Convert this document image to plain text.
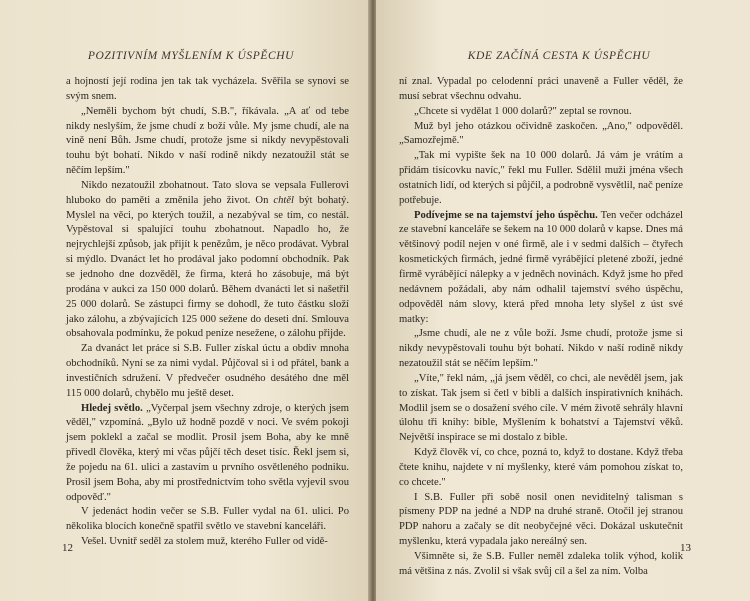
POZITIVNÍM MYŠLENÍM K ÚSPĚCHU

a hojností její rodina jen tak tak vycházela. Svěřila se synovi se svým snem.

„Neměli bychom být chudí, S.B.", říkávala. „A ať od tebe nikdy neslyším, že jsme chudí z boží vůle. My jsme chudí, ale na vině není Bůh. Jsme chudí, protože jsme si nikdy nevypěstovali touhu být bohatí. Nikdo v naší rodině nikdy nezatoužil stát se něčím lepším."

Nikdo nezatoužil zbohatnout. Tato slova se vepsala Fullerovi hluboko do paměti a změnila jeho život. On chtěl být bohatý. Myslel na věci, po kterých toužil, a nezabýval se tím, co nestál. Vypěstoval si spalující touhu zbohatnout. Napadlo ho, že nejrychlejší způsob, jak přijít k penězům, je něco prodávat. Vybral si mýdlo. Dvanáct let ho prodával jako podomní obchodník. Pak se jednoho dne dozvěděl, že firma, která ho zásobuje, má být prodána v aukci za 150 000 dolarů. Během dvanácti let si našetřil 25 000 dolarů. Se zástupci firmy se dohodl, že tuto částku složí jako zálohu, a zbývajících 125 000 sežene do deseti dní. Smlouva obsahovala podmínku, že pokud peníze nesežene, o zálohu přijde.

Za dvanáct let práce si S.B. Fuller získal úctu a obdiv mnoha obchodníků. Nyní se za nimi vydal. Půjčoval si i od přátel, bank a investičních sdružení. V předvečer osudného desátého dne měl 115 000 dolarů, chybělo mu ještě deset.

Hledej světlo. „Vyčerpal jsem všechny zdroje, o kterých jsem věděl," vzpomíná. „Bylo už hodně pozdě v noci. Ve svém pokoji jsem poklekl a začal se modlit. Prosil jsem Boha, aby ke mně přivedl člověka, který mi včas půjčí těch deset tisíc. Řekl jsem si, že pojedu na 61. ulici a zastavím u prvního osvětleného podniku. Prosil jsem Boha, aby mi prostřednictvím toho světla vyjevil svou odpověď."

V jedenáct hodin večer se S.B. Fuller vydal na 61. ulici. Po několika blocích konečně spatřil světlo ve stavební kanceláři.

Vešel. Uvnitř seděl za stolem muž, kterého Fuller od vidě-

12
KDE ZAČÍNÁ CESTA K ÚSPĚCHU

ní znal. Vypadal po celodenní práci unaveně a Fuller věděl, že musí sebrat všechnu odvahu.

„Chcete si vydělat 1 000 dolarů?" zeptal se rovnou.

Muž byl jeho otázkou očividně zaskočen. „Ano," odpověděl. „Samozřejmě."

„Tak mi vypište šek na 10 000 dolarů. Já vám je vrátím a přidám tisícovku navíc," řekl mu Fuller. Sdělil muži jména všech ostatních lidí, od kterých si půjčil, a podrobně vysvětlil, nač peníze potřebuje.

Podívejme se na tajemství jeho úspěchu. Ten večer odcházel ze stavební kanceláře se šekem na 10 000 dolarů v kapse. Dnes má většinový podíl nejen v oné firmě, ale i v sedmi dalších – čtyřech kosmetických firmách, jedné firmě vyrábějící pletené zboží, jedné firmě vyrábějící nálepky a v jedněch novinách. Když jsme ho před nedávnem požádali, aby nám odhalil tajemství svého úspěchu, odpověděl nám slovy, která před mnoha lety slyšel z úst své matky:

„Jsme chudí, ale ne z vůle boží. Jsme chudí, protože jsme si nikdy nevypěstovali touhu být bohatí. Nikdo v naší rodině nikdy nezatoužil stát se něčím lepším."

„Víte," řekl nám, „já jsem věděl, co chci, ale nevěděl jsem, jak to získat. Tak jsem si četl v bibli a dalších inspirativních knihách. Modlil jsem se o dosažení svého cíle. V mém životě sehrály hlavní úlohu tři knihy: bible, Myšlením k bohatství a Tajemství věků. Největší inspirace se mi dostalo z bible.

Když člověk ví, co chce, pozná to, když to dostane. Když třeba čtete knihu, najdete v ní myšlenky, které vám pomohou získat to, co chcete."

I S.B. Fuller při sobě nosil onen neviditelný talisman s písmeny PDP na jedné a NDP na druhé straně. Otočil jej stranou PDP nahoru a začaly se dít neobyčejné věci. Dokázal uskutečnit myšlenku, která vypadala jako nereálný sen.

Všimněte si, že S.B. Fuller neměl zdaleka tolik výhod, kolik má většina z nás. Zvolil si však svůj cíl a šel za ním. Volba

13
